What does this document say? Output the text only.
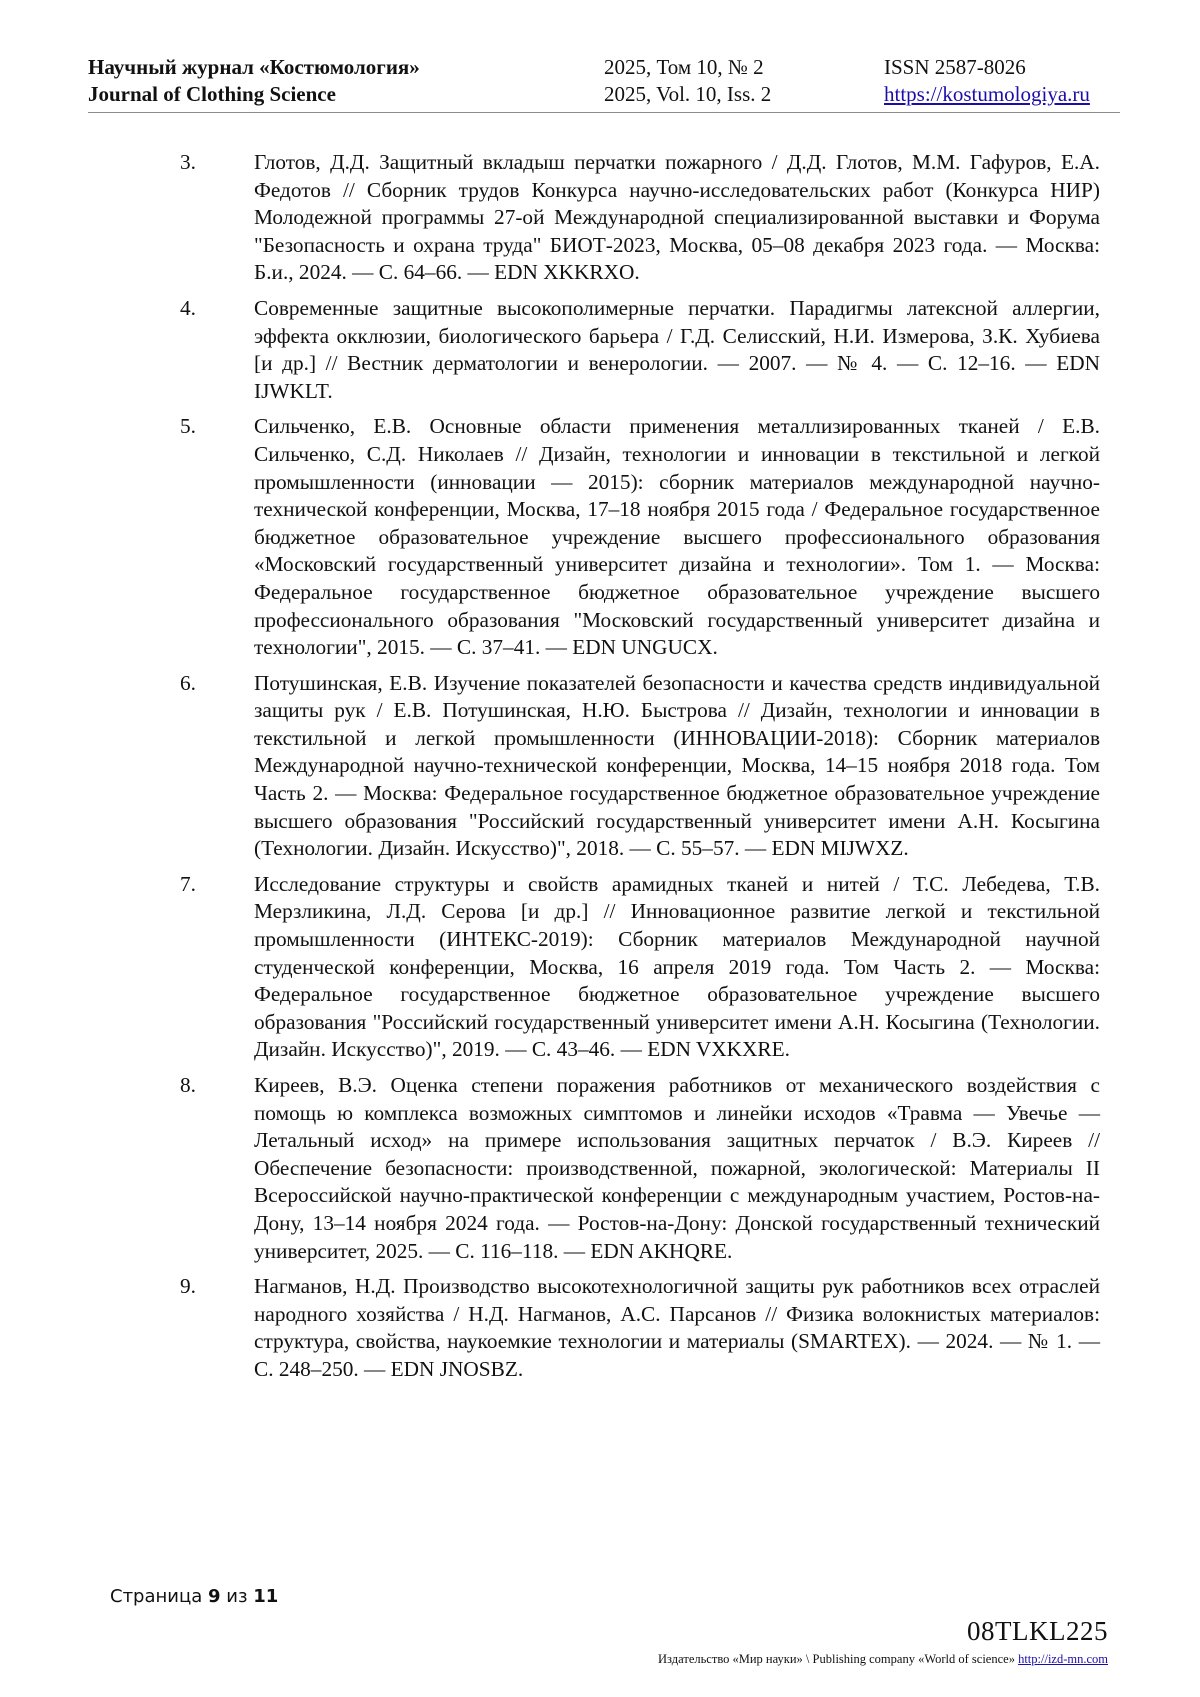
Научный журнал «Костюмология»
Journal of Clothing Science
2025, Том 10, № 2
2025, Vol. 10, Iss. 2
ISSN 2587-8026
https://kostumologiya.ru
3.	Глотов, Д.Д. Защитный вкладыш перчатки пожарного / Д.Д. Глотов, М.М. Гафуров, Е.А. Федотов // Сборник трудов Конкурса научно-исследовательских работ (Конкурса НИР) Молодежной программы 27-ой Международной специализированной выставки и Форума "Безопасность и охрана труда" БИОТ-2023, Москва, 05–08 декабря 2023 года. — Москва: Б.и., 2024. — С. 64–66. — EDN XKKRXO.
4.	Современные защитные высокополимерные перчатки. Парадигмы латексной аллергии, эффекта окклюзии, биологического барьера / Г.Д. Селисский, Н.И. Измерова, З.К. Хубиева [и др.] // Вестник дерматологии и венерологии. — 2007. — № 4. — С. 12–16. — EDN IJWKLT.
5.	Сильченко, Е.В. Основные области применения металлизированных тканей / Е.В. Сильченко, С.Д. Николаев // Дизайн, технологии и инновации в текстильной и легкой промышленности (инновации — 2015): сборник материалов международной научно-технической конференции, Москва, 17–18 ноября 2015 года / Федеральное государственное бюджетное образовательное учреждение высшего профессионального образования «Московский государственный университет дизайна и технологии». Том 1. — Москва: Федеральное государственное бюджетное образовательное учреждение высшего профессионального образования "Московский государственный университет дизайна и технологии", 2015. — С. 37–41. — EDN UNGUCX.
6.	Потушинская, Е.В. Изучение показателей безопасности и качества средств индивидуальной защиты рук / Е.В. Потушинская, Н.Ю. Быстрова // Дизайн, технологии и инновации в текстильной и легкой промышленности (ИННОВАЦИИ-2018): Сборник материалов Международной научно-технической конференции, Москва, 14–15 ноября 2018 года. Том Часть 2. — Москва: Федеральное государственное бюджетное образовательное учреждение высшего образования "Российский государственный университет имени А.Н. Косыгина (Технологии. Дизайн. Искусство)", 2018. — С. 55–57. — EDN MIJWXZ.
7.	Исследование структуры и свойств арамидных тканей и нитей / Т.С. Лебедева, Т.В. Мерзликина, Л.Д. Серова [и др.] // Инновационное развитие легкой и текстильной промышленности (ИНТЕКС-2019): Сборник материалов Международной научной студенческой конференции, Москва, 16 апреля 2019 года. Том Часть 2. — Москва: Федеральное государственное бюджетное образовательное учреждение высшего образования "Российский государственный университет имени А.Н. Косыгина (Технологии. Дизайн. Искусство)", 2019. — С. 43–46. — EDN VXKXRE.
8.	Киреев, В.Э. Оценка степени поражения работников от механического воздействия с помощь ю комплекса возможных симптомов и линейки исходов «Травма — Увечье — Летальный исход» на примере использования защитных перчаток / В.Э. Киреев // Обеспечение безопасности: производственной, пожарной, экологической: Материалы II Всероссийской научно-практической конференции с международным участием, Ростов-на-Дону, 13–14 ноября 2024 года. — Ростов-на-Дону: Донской государственный технический университет, 2025. — С. 116–118. — EDN AKHQRE.
9.	Нагманов, Н.Д. Производство высокотехнологичной защиты рук работников всех отраслей народного хозяйства / Н.Д. Нагманов, А.С. Парсанов // Физика волокнистых материалов: структура, свойства, наукоемкие технологии и материалы (SMARTEX). — 2024. — № 1. — С. 248–250. — EDN JNOSBZ.
Страница 9 из 11
08TLKL225
Издательство «Мир науки» \ Publishing company «World of science» http://izd-mn.com
